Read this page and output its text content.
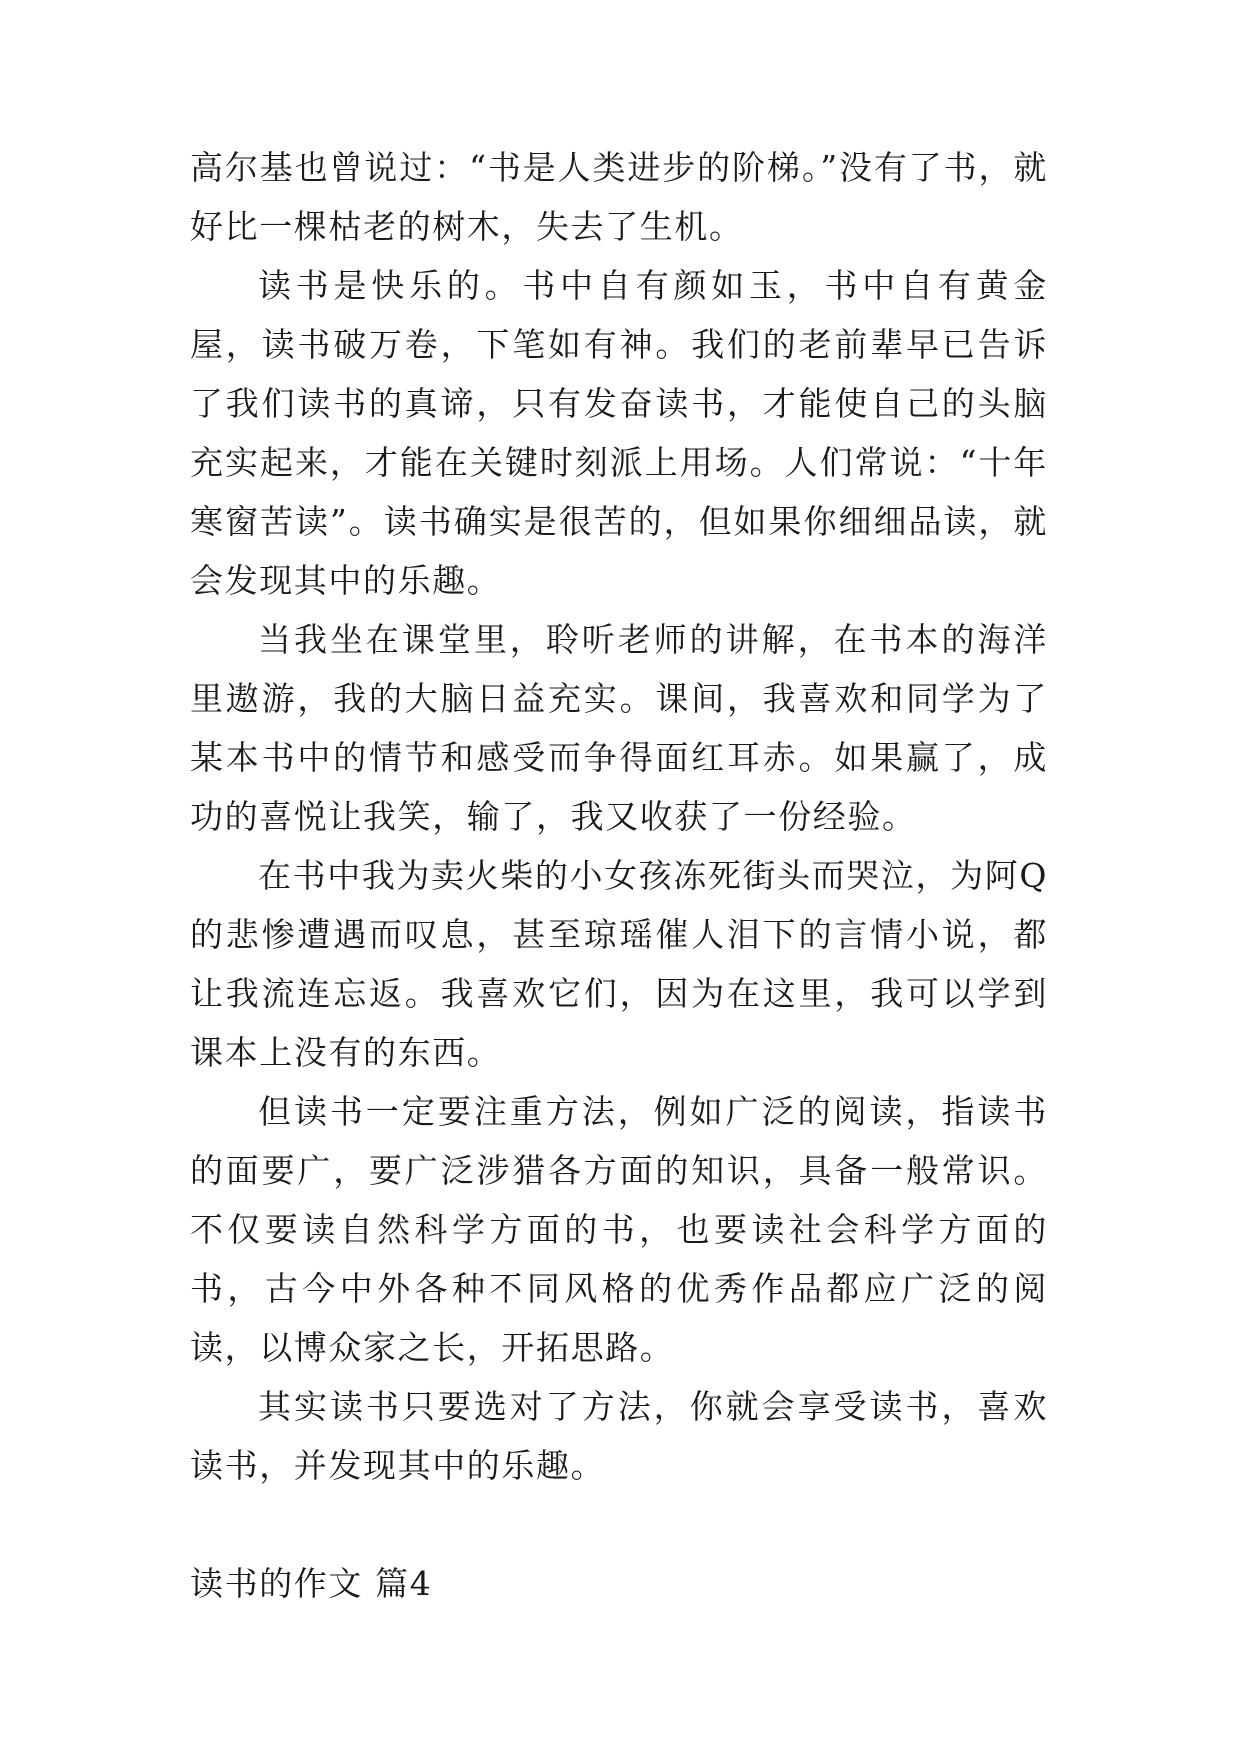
高尔基也曾说过：“书是人类进步的阶梯。”没有了书，就好比一棵枯老的树木，失去了生机。

读书是快乐的。书中自有颜如玉，书中自有黄金屋，读书破万卷，下笔如有神。我们的老前辈早已告诉了我们读书的真谛，只有发奋读书，才能使自己的头脑充实起来，才能在关键时刻派上用场。人们常说：“十年寒窗苦读”。读书确实是很苦的，但如果你细细品读，就会发现其中的乐趣。

当我坐在课堂里，聆听老师的讲解，在书本的海洋里遨游，我的大脑日益充实。课间，我喜欢和同学为了某本书中的情节和感受而争得面红耳赤。如果赢了，成功的喜悦让我笑，输了，我又收获了一份经验。

在书中我为卖火柴的小女孩冻死街头而哭泣，为阿Q的悲惨遭遇而叹息，甚至琼瑶催人泪下的言情小说，都让我流连忘返。我喜欢它们，因为在这里，我可以学到课本上没有的东西。

但读书一定要注重方法，例如广泛的阅读，指读书的面要广，要广泛涉猎各方面的知识，具备一般常识。不仅要读自然科学方面的书，也要读社会科学方面的书，古今中外各种不同风格的优秀作品都应广泛的阅读，以博众家之长，开拓思路。

其实读书只要选对了方法，你就会享受读书，喜欢读书，并发现其中的乐趣。

读书的作文 篇4
